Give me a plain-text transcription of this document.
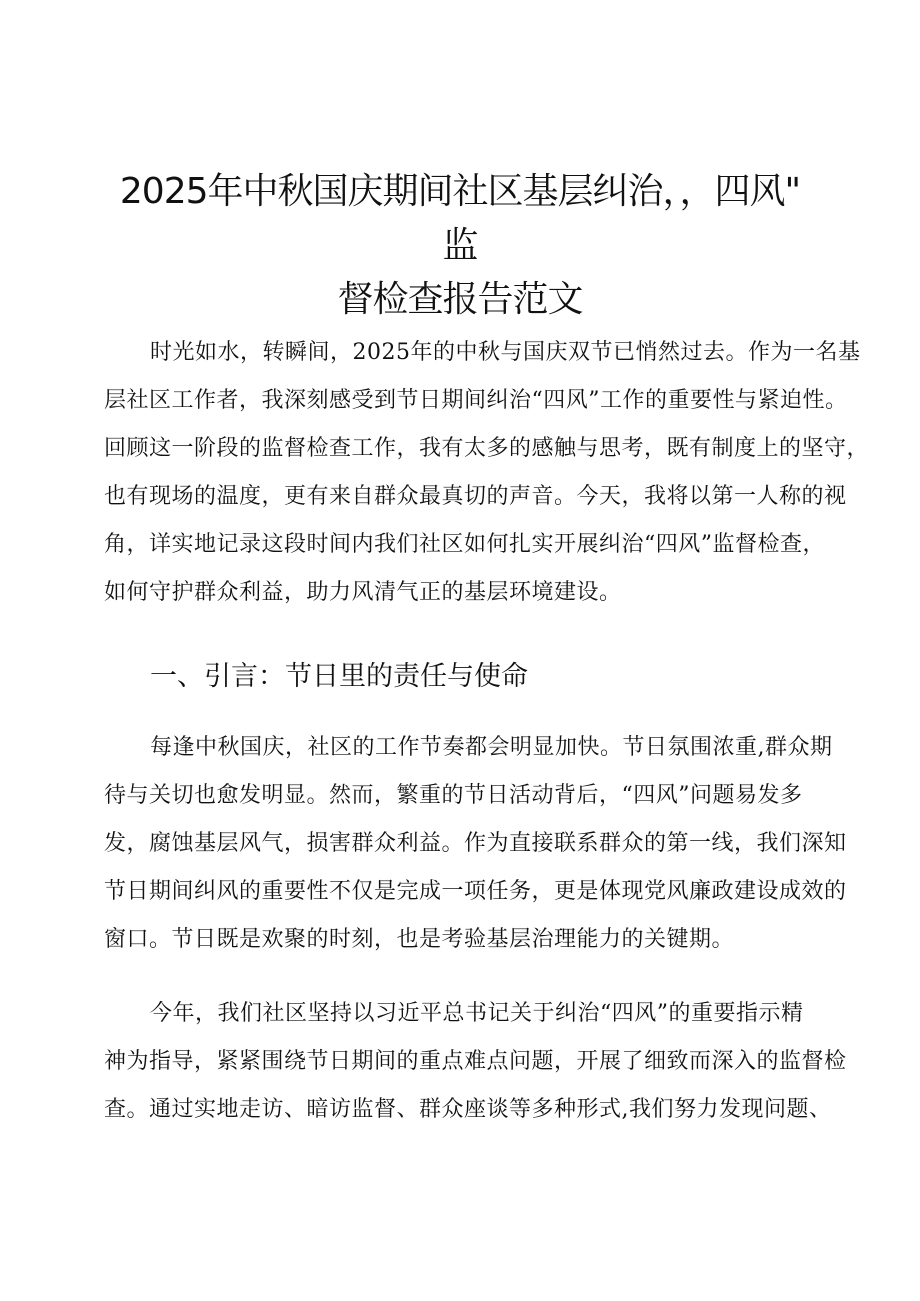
2025年中秋国庆期间社区基层纠治，，四风"
监
督检查报告范文

时光如水，转瞬间，2025年的中秋与国庆双节已悄然过去。作为一名基
层社区工作者，我深刻感受到节日期间纠治“四风”工作的重要性与紧迫性。
回顾这一阶段的监督检查工作，我有太多的感触与思考，既有制度上的坚守，
也有现场的温度，更有来自群众最真切的声音。今天，我将以第一人称的视
角，详实地记录这段时间内我们社区如何扎实开展纠治“四风”监督检查，
如何守护群众利益，助力风清气正的基层环境建设。

一、引言：节日里的责任与使命

每逢中秋国庆，社区的工作节奏都会明显加快。节日氛围浓重,群众期
待与关切也愈发明显。然而，繁重的节日活动背后，“四风”问题易发多
发，腐蚀基层风气，损害群众利益。作为直接联系群众的第一线，我们深知
节日期间纠风的重要性不仅是完成一项任务，更是体现党风廉政建设成效的
窗口。节日既是欢聚的时刻，也是考验基层治理能力的关键期。

今年，我们社区坚持以习近平总书记关于纠治“四风”的重要指示精
神为指导，紧紧围绕节日期间的重点难点问题，开展了细致而深入的监督检
查。通过实地走访、暗访监督、群众座谈等多种形式,我们努力发现问题、
